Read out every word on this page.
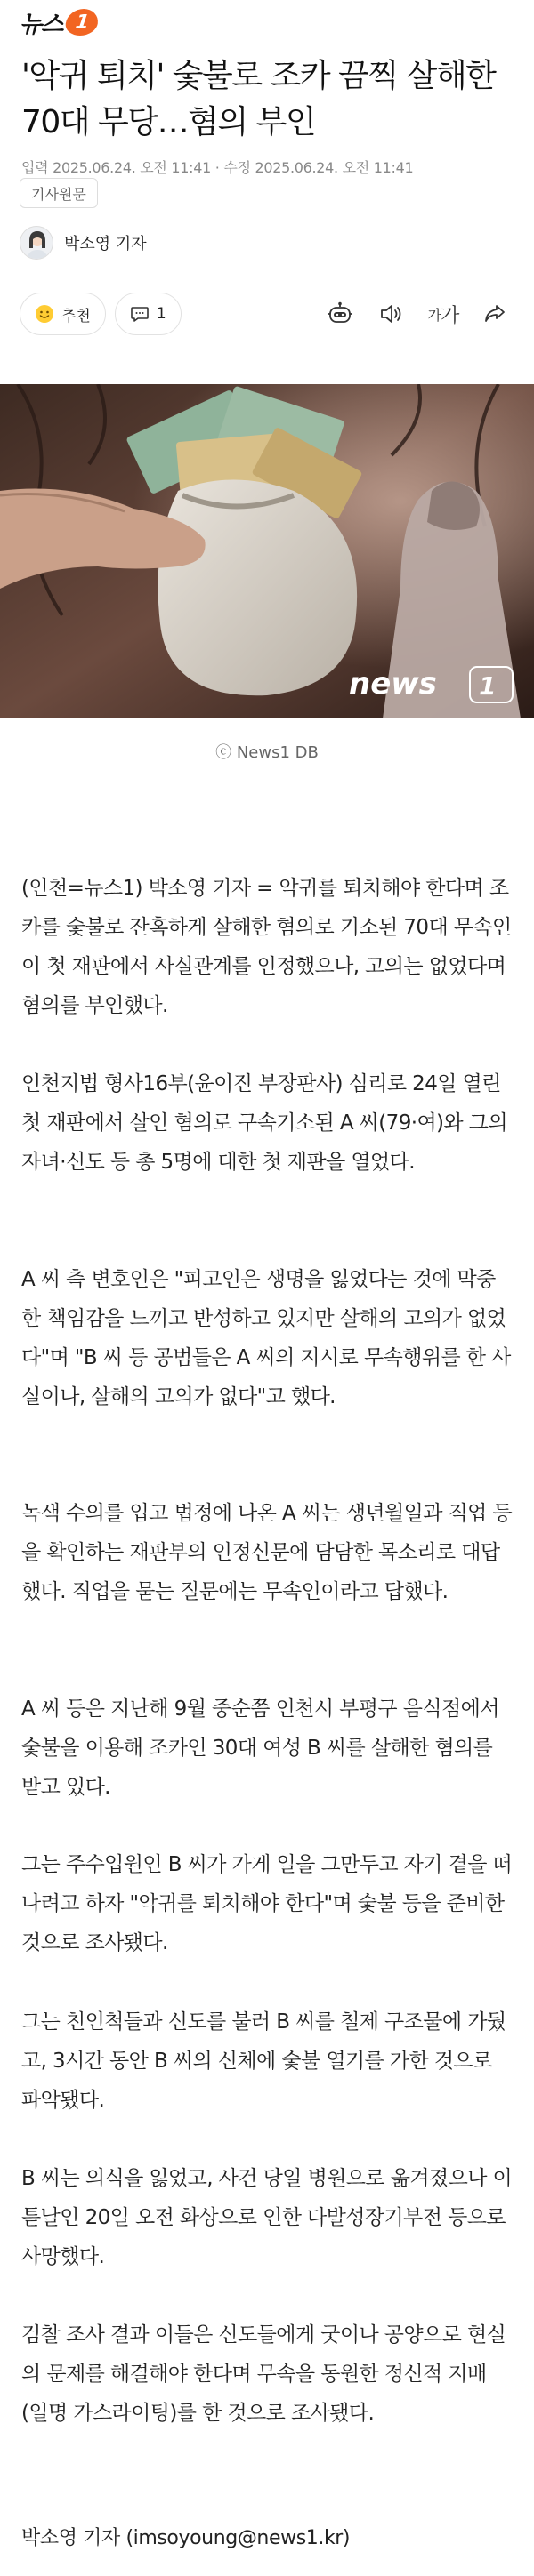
뉴스 1
'악귀 퇴치' 숯불로 조카 끔찍 살해한 70대 무당…혐의 부인
입력 2025.06.24. 오전 11:41 · 수정 2025.06.24. 오전 11:41
기사원문
박소영 기자
추천	1	가 가
news 1
ⓒ News1 DB

(인천=뉴스1) 박소영 기자 = 악귀를 퇴치해야 한다며 조카를 숯불로 잔혹하게 살해한 혐의로 기소된 70대 무속인이 첫 재판에서 사실관계를 인정했으나, 고의는 없었다며 혐의를 부인했다.

인천지법 형사16부(윤이진 부장판사) 심리로 24일 열린 첫 재판에서 살인 혐의로 구속기소된 A 씨(79·여)와 그의 자녀·신도 등 총 5명에 대한 첫 재판을 열었다.

A 씨 측 변호인은 "피고인은 생명을 잃었다는 것에 막중한 책임감을 느끼고 반성하고 있지만 살해의 고의가 없었다"며 "B 씨 등 공범들은 A 씨의 지시로 무속행위를 한 사실이나, 살해의 고의가 없다"고 했다.

녹색 수의를 입고 법정에 나온 A 씨는 생년월일과 직업 등을 확인하는 재판부의 인정신문에 담담한 목소리로 대답했다. 직업을 묻는 질문에는 무속인이라고 답했다.

A 씨 등은 지난해 9월 중순쯤 인천시 부평구 음식점에서 숯불을 이용해 조카인 30대 여성 B 씨를 살해한 혐의를 받고 있다.

그는 주수입원인 B 씨가 가게 일을 그만두고 자기 곁을 떠나려고 하자 "악귀를 퇴치해야 한다"며 숯불 등을 준비한 것으로 조사됐다.

그는 친인척들과 신도를 불러 B 씨를 철제 구조물에 가뒀고, 3시간 동안 B 씨의 신체에 숯불 열기를 가한 것으로 파악됐다.

B 씨는 의식을 잃었고, 사건 당일 병원으로 옮겨졌으나 이튿날인 20일 오전 화상으로 인한 다발성장기부전 등으로 사망했다.

검찰 조사 결과 이들은 신도들에게 굿이나 공양으로 현실의 문제를 해결해야 한다며 무속을 동원한 정신적 지배(일명 가스라이팅)를 한 것으로 조사됐다.

박소영 기자 (imsoyoung@news1.kr)
